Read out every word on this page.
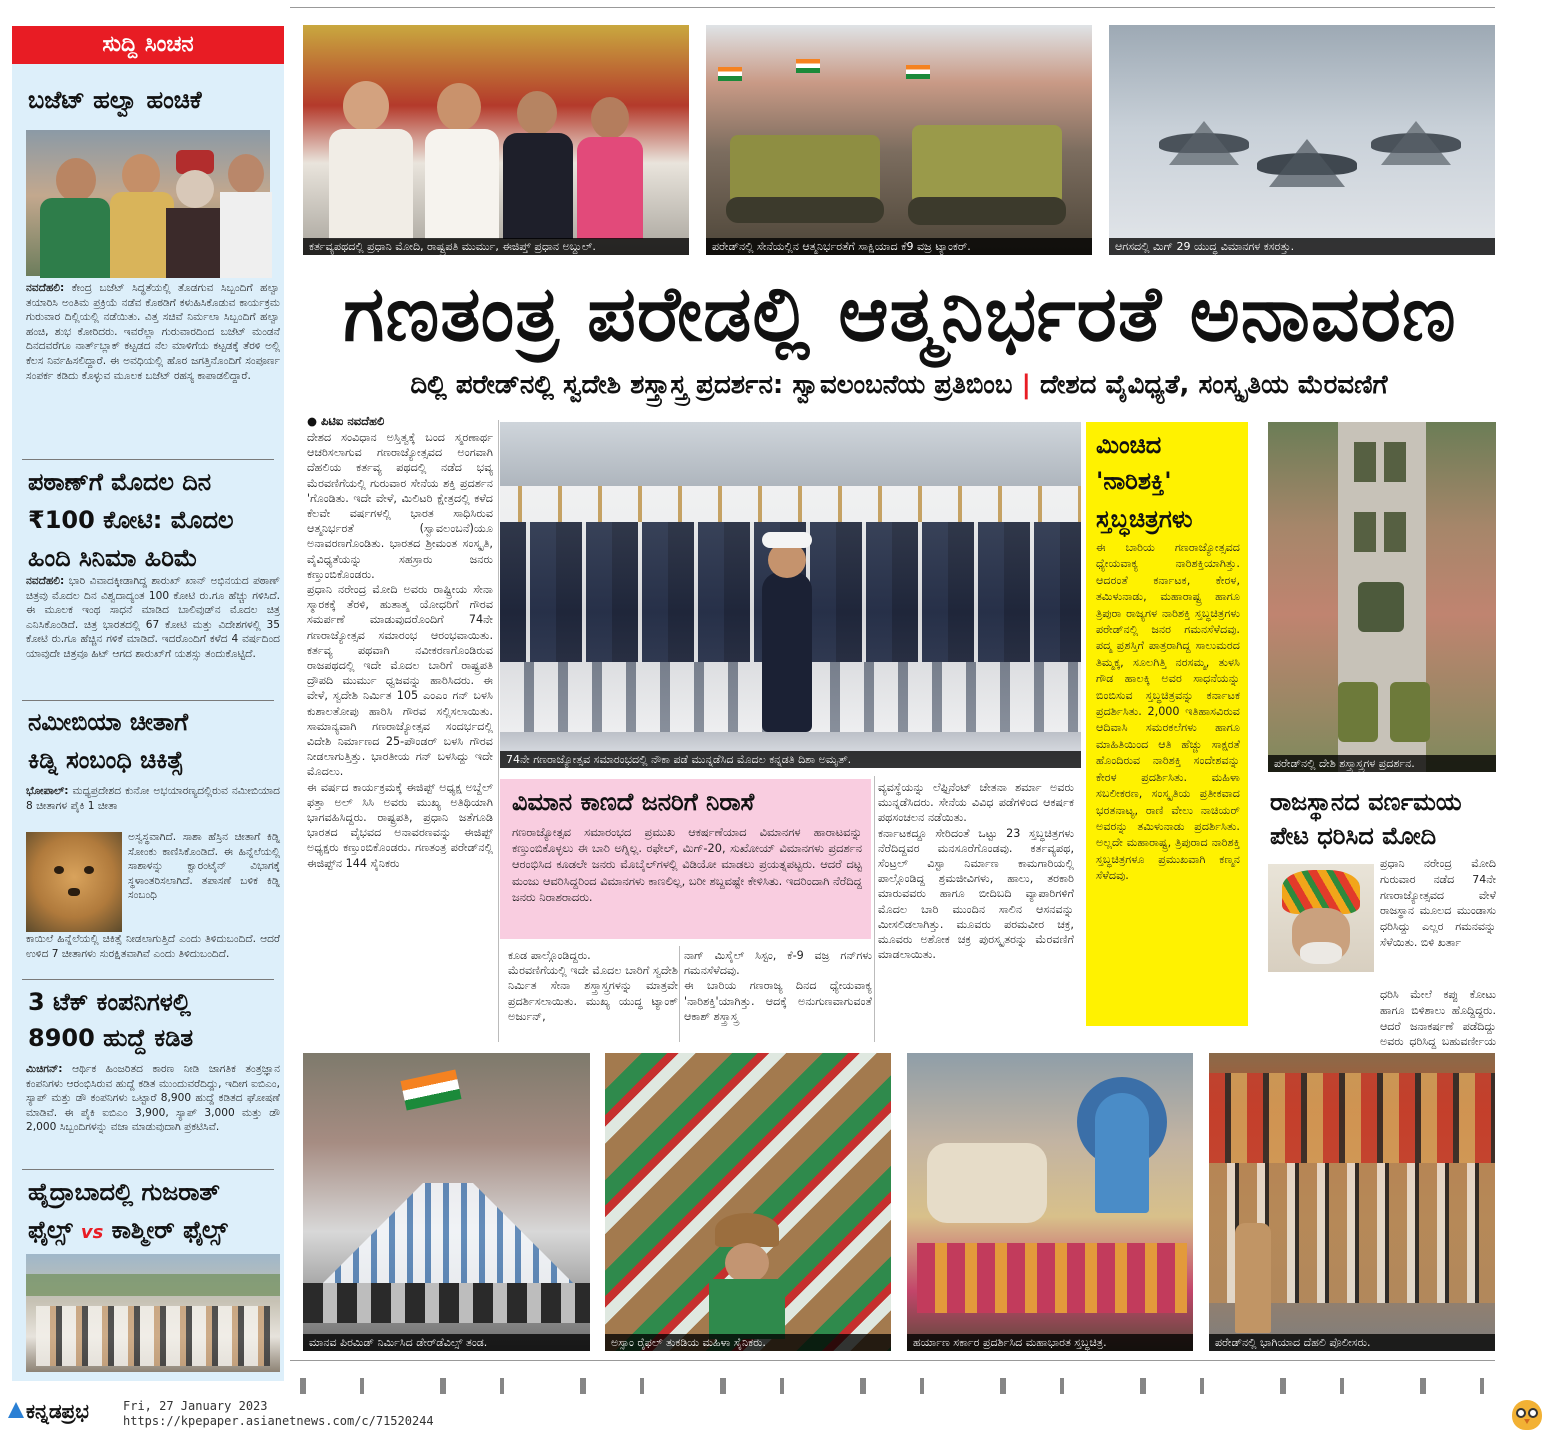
ಸುದ್ದಿ ಸಿಂಚನ
ಬಜೆಟ್ ಹಲ್ವಾ ಹಂಚಿಕೆ
ನವದೆಹಲಿ: ಕೇಂದ್ರ ಬಜೆಟ್ ಸಿದ್ಧತೆಯಲ್ಲಿ ತೊಡಗುವ ಸಿಬ್ಬಂದಿಗೆ ಹಲ್ವಾ ತಯಾರಿಸಿ ಅಂತಿಮ ಪ್ರಕ್ರಿಯೆ ನಡೆವ ಕೊಠಡಿಗೆ ಕಳುಹಿಸಿಕೊಡುವ ಕಾರ್ಯಕ್ರಮ ಗುರುವಾರ ದಿಲ್ಲಿಯಲ್ಲಿ ನಡೆಯಿತು. ವಿತ್ತ ಸಚಿವೆ ನಿರ್ಮಲಾ ಸಿಬ್ಬಂದಿಗೆ ಹಲ್ವಾ ಹಂಚಿ, ಶುಭ ಕೋರಿದರು. ಇವರೆಲ್ಲಾ ಗುರುವಾರದಿಂದ ಬಜೆಟ್ ಮಂಡನೆ ದಿನದವರೆಗೂ ನಾರ್ತ್‌ಬ್ಲಾಕ್ ಕಟ್ಟಡದ ನೆಲ ಮಾಳಿಗೆಯ ಕಟ್ಟಡಕ್ಕೆ ತೆರಳಿ ಅಲ್ಲಿ ಕೆಲಸ ನಿರ್ವಹಿಸಲಿದ್ದಾರೆ. ಈ ಅವಧಿಯಲ್ಲಿ ಹೊರ ಜಗತ್ತಿನೊಂದಿಗೆ ಸಂಪೂರ್ಣ ಸಂಪರ್ಕ ಕಡಿದು ಕೊಳ್ಳುವ ಮೂಲಕ ಬಜೆಟ್ ರಹಸ್ಯ ಕಾಪಾಡಲಿದ್ದಾರೆ.
ಪಠಾಣ್‌ಗೆ ಮೊದಲ ದಿನ
₹100 ಕೋಟಿ: ಮೊದಲ
ಹಿಂದಿ ಸಿನಿಮಾ ಹಿರಿಮೆ
ನವದೆಹಲಿ: ಭಾರಿ ವಿವಾದಕ್ಕೀಡಾಗಿದ್ದ ಶಾರುಖ್ ಖಾನ್ ಅಭಿನಯದ ಪಠಾಣ್ ಚಿತ್ರವು ಮೊದಲ ದಿನ ವಿಶ್ವದಾದ್ಯಂತ 100 ಕೋಟಿ ರು.ಗೂ ಹೆಚ್ಚು ಗಳಿಸಿದೆ. ಈ ಮೂಲಕ ಇಂಥ ಸಾಧನೆ ಮಾಡಿದ ಬಾಲಿವುಡ್‌ನ ಮೊದಲ ಚಿತ್ರ ಎನಿಸಿಕೊಂಡಿದೆ. ಚಿತ್ರ ಭಾರತದಲ್ಲಿ 67 ಕೋಟಿ ಮತ್ತು ವಿದೇಶಗಳಲ್ಲಿ 35 ಕೋಟಿ ರು.ಗೂ ಹೆಚ್ಚಿನ ಗಳಿಕೆ ಮಾಡಿದೆ. ಇದರೊಂದಿಗೆ ಕಳೆದ 4 ವರ್ಷದಿಂದ ಯಾವುದೇ ಚಿತ್ರವೂ ಹಿಟ್ ಆಗದ ಶಾರುಖ್‌ಗೆ ಯಶಸ್ಸು ತಂದುಕೊಟ್ಟಿದೆ.
ನಮೀಬಿಯಾ ಚೀತಾಗೆ
ಕಿಡ್ನಿ ಸಂಬಂಧಿ ಚಿಕಿತ್ಸೆ
ಭೋಪಾಲ್: ಮಧ್ಯಪ್ರದೇಶದ ಕುನೋ ಅಭಯಾರಣ್ಯದಲ್ಲಿರುವ ನಮೀಬಿಯಾದ 8 ಚೀತಾಗಳ ಪೈಕಿ 1 ಚೀತಾ
ಅಸ್ವಸ್ಥವಾಗಿದೆ. ಸಾಶಾ ಹೆಸ್ರಿನ ಚೀತಾಗೆ ಕಿಡ್ನಿ ಸೋಂಕು ಕಾಣಿಸಿಕೊಂಡಿದೆ. ಈ ಹಿನ್ನೆಲೆಯಲ್ಲಿ ಸಾಶಾಳನ್ನು ಕ್ವಾರಂಟೈನ್ ವಿಭಾಗಕ್ಕೆ ಸ್ಥಳಾಂತರಿಸಲಾಗಿದೆ. ತಪಾಸಣೆ ಬಳಿಕ ಕಿಡ್ನಿ ಸಂಬಂಧಿ
ಕಾಯಿಲೆ ಹಿನ್ನೆಲೆಯಲ್ಲಿ ಚಿಕಿತ್ಸೆ ನೀಡಲಾಗುತ್ತಿದೆ ಎಂದು ತಿಳಿದುಬಂದಿದೆ. ಆದರೆ ಉಳಿದ 7 ಚೀತಾಗಳು ಸುರಕ್ಷಿತವಾಗಿವೆ ಎಂದು ತಿಳಿದುಬಂದಿದೆ.
3 ಟೆಕ್ ಕಂಪನಿಗಳಲ್ಲಿ
8900 ಹುದ್ದೆ ಕಡಿತ
ಮಿಚಿಗನ್: ಆರ್ಥಿಕ ಹಿಂಜರಿತದ ಕಾರಣ ನೀಡಿ ಜಾಗತಿಕ ತಂತ್ರಜ್ಞಾನ ಕಂಪನಿಗಳು ಆರಂಭಿಸಿರುವ ಹುದ್ದೆ ಕಡಿತ ಮುಂದುವರೆದಿದ್ದು, ಇದೀಗ ಐಬಿಎಂ, ಸ್ಯಾಪ್ ಮತ್ತು ಡೌ ಕಂಪನಿಗಳು ಒಟ್ಟಾರೆ 8,900 ಹುದ್ದೆ ಕಡಿತದ ಘೋಷಣೆ ಮಾಡಿವೆ. ಈ ಪೈಕಿ ಐಬಿಎಂ 3,900, ಸ್ಯಾಪ್ 3,000 ಮತ್ತು ಡೌ 2,000 ಸಿಬ್ಬಂದಿಗಳನ್ನು ವಜಾ ಮಾಡುವುದಾಗಿ ಪ್ರಕಟಿಸಿವೆ.
ಹೈದ್ರಾಬಾದಲ್ಲಿ ಗುಜರಾತ್
ಫೈಲ್ಸ್ vs ಕಾಶ್ಮೀರ್ ಫೈಲ್ಸ್
ಕರ್ತವ್ಯಪಥದಲ್ಲಿ ಪ್ರಧಾನಿ ಮೋದಿ, ರಾಷ್ಟ್ರಪತಿ ಮುರ್ಮು, ಈಜಿಪ್ತ್ ಪ್ರಧಾನ ಅಬ್ದುಲ್.	ಪರೇಡ್‌ನಲ್ಲಿ ಸೇನೆಯಲ್ಲಿನ ಆತ್ಮನಿರ್ಭರತೆಗೆ ಸಾಕ್ಷಿಯಾದ ಕೆ9 ವಜ್ರ ಟ್ಯಾಂಕರ್.	ಆಗಸದಲ್ಲಿ ಮಿಗ್ 29 ಯುದ್ಧ ವಿಮಾನಗಳ ಕಸರತ್ತು.
ಗಣತಂತ್ರ ಪರೇಡಲ್ಲಿ ಆತ್ಮನಿರ್ಭರತೆ ಅನಾವರಣ
ದಿಲ್ಲಿ ಪರೇಡ್‌ನಲ್ಲಿ ಸ್ವದೇಶಿ ಶಸ್ತ್ರಾಸ್ತ್ರ ಪ್ರದರ್ಶನ: ಸ್ವಾವಲಂಬನೆಯ ಪ್ರತಿಬಿಂಬ | ದೇಶದ ವೈವಿಧ್ಯತೆ, ಸಂಸ್ಕೃತಿಯ ಮೆರವಣಿಗೆ
● ಪಿಟಿಐ ನವದೆಹಲಿ
ದೇಶದ ಸಂವಿಧಾನ ಅಸ್ತಿತ್ವಕ್ಕೆ ಬಂದ ಸ್ಮರಣಾರ್ಥ ಆಚರಿಸಲಾಗುವ ಗಣರಾಜ್ಯೋತ್ಸವದ ಅಂಗವಾಗಿ ದೆಹಲಿಯ ಕರ್ತವ್ಯ ಪಥದಲ್ಲಿ ನಡೆದ ಭವ್ಯ ಮೆರವಣಿಗೆಯಲ್ಲಿ ಗುರುವಾರ ಸೇನೆಯ ಶಕ್ತಿ ಪ್ರದರ್ಶನ 'ಗೊಂಡಿತು. ಇದೇ ವೇಳೆ, ಮಿಲಿಟರಿ ಕ್ಷೇತ್ರದಲ್ಲಿ ಕಳೆದ ಕೆಲವೇ ವರ್ಷಗಳಲ್ಲಿ ಭಾರತ ಸಾಧಿಸಿರುವ ಆತ್ಮನಿರ್ಭರತೆ (ಸ್ವಾವಲಂಬನೆ)ಯೂ ಅನಾವರಣಗೊಂಡಿತು. ಭಾರತದ ಶ್ರೀಮಂತ ಸಂಸ್ಕೃತಿ, ವೈವಿಧ್ಯತೆಯನ್ನು ಸಹಸ್ರಾರು ಜನರು ಕಣ್ತುಂಬಿಕೊಂಡರು.
ಪ್ರಧಾನಿ ನರೇಂದ್ರ ಮೋದಿ ಅವರು ರಾಷ್ಟ್ರೀಯ ಸೇನಾ ಸ್ಮಾರಕಕ್ಕೆ ತೆರಳಿ, ಹುತಾತ್ಮ ಯೋಧರಿಗೆ ಗೌರವ ಸಮರ್ಪಣೆ ಮಾಡುವುದರೊಂದಿಗೆ 74ನೇ ಗಣರಾಜ್ಯೋತ್ಸವ ಸಮಾರಂಭ ಆರಂಭವಾಯಿತು. ಕರ್ತವ್ಯ ಪಥವಾಗಿ ನವೀಕರಣಗೊಂಡಿರುವ ರಾಜಪಥದಲ್ಲಿ ಇದೇ ಮೊದಲ ಬಾರಿಗೆ ರಾಷ್ಟ್ರಪತಿ ದ್ರೌಪದಿ ಮುರ್ಮು ಧ್ವಜವನ್ನು ಹಾರಿಸಿದರು. ಈ ವೇಳೆ, ಸ್ವದೇಶಿ ನಿರ್ಮಿತ 105 ಎಂಎಂ ಗನ್ ಬಳಸಿ ಕುಶಾಲತೋಪು ಹಾರಿಸಿ ಗೌರವ ಸಲ್ಲಿಸಲಾಯಿತು. ಸಾಮಾನ್ಯವಾಗಿ ಗಣರಾಜ್ಯೋತ್ಸವ ಸಂದರ್ಭದಲ್ಲಿ ವಿದೇಶಿ ನಿರ್ಮಾಣದ 25-ಪೌಂಡರ್ ಬಳಸಿ ಗೌರವ ನೀಡಲಾಗುತ್ತಿತ್ತು. ಭಾರತೀಯ ಗನ್ ಬಳಸಿದ್ದು ಇದೇ ಮೊದಲು.
ಈ ವರ್ಷದ ಕಾರ್ಯಕ್ರಮಕ್ಕೆ ಈಜಿಪ್ಟ್ ಅಧ್ಯಕ್ಷ ಅಬ್ದೆಲ್ ಫತ್ತಾ ಅಲ್ ಸಿಸಿ ಅವರು ಮುಖ್ಯ ಅತಿಥಿಯಾಗಿ ಭಾಗವಹಿಸಿದ್ದರು. ರಾಷ್ಟ್ರಪತಿ, ಪ್ರಧಾನಿ ಜತೆಗೂಡಿ ಭಾರತದ ವೈಭವದ ಅನಾವರಣವನ್ನು ಈಜಿಪ್ಟ್ ಅಧ್ಯಕ್ಷರು ಕಣ್ತುಂಬಿಕೊಂಡರು. ಗಣತಂತ್ರ ಪರೇಡ್‌ನಲ್ಲಿ ಈಜಿಪ್ಟ್‌ನ 144 ಸೈನಿಕರು
74ನೇ ಗಣರಾಜ್ಯೋತ್ಸವ ಸಮಾರಂಭದಲ್ಲಿ ನೌಕಾ ಪಡೆ ಮುನ್ನಡೆಸಿದ ಮೊದಲ ಕನ್ನಡತಿ ದಿಶಾ ಅಮೃತ್.
ವಿಮಾನ ಕಾಣದೆ ಜನರಿಗೆ ನಿರಾಸೆ
ಗಣರಾಜ್ಯೋತ್ಸವ ಸಮಾರಂಭದ ಪ್ರಮುಖ ಆಕರ್ಷಣೆಯಾದ ವಿಮಾನಗಳ ಹಾರಾಟವನ್ನು ಕಣ್ತುಂಬಿಕೊಳ್ಳಲು ಈ ಬಾರಿ ಅಗ್ನಿಲ್ಲ. ರಫೇಲ್, ಮಿಗ್-20, ಸುಖೋಯ್ ವಿಮಾನಗಳು ಪ್ರದರ್ಶನ ಆರಂಭಿಸಿದ ಕೂಡಲೇ ಜನರು ಮೊಬೈಲ್‌ಗಳಲ್ಲಿ ವಿಡಿಯೋ ಮಾಡಲು ಪ್ರಯತ್ನಪಟ್ಟರು. ಆದರೆ ದಟ್ಟ ಮಂಜು ಆವರಿಸಿದ್ದರಿಂದ ವಿಮಾನಗಳು ಕಾಣಲಿಲ್ಲ, ಬರೀ ಶಬ್ದವಷ್ಟೇ ಕೇಳಿಸಿತು. ಇದರಿಂದಾಗಿ ನೆರೆದಿದ್ದ ಜನರು ನಿರಾಶರಾದರು.
ವ್ಯವಸ್ಥೆಯನ್ನು ಲೆಫ್ಟಿನೆಂಟ್ ಚೇತನಾ ಶರ್ಮಾ ಅವರು ಮುನ್ನಡೆಸಿದರು. ಸೇನೆಯ ವಿವಿಧ ಪಡೆಗಳಿಂದ ಆಕರ್ಷಕ ಪಥಸಂಚಲನ ನಡೆಯಿತು.
ಕರ್ನಾಟಕದ್ದೂ ಸೇರಿದಂತೆ ಒಟ್ಟು 23 ಸ್ತಬ್ಧಚಿತ್ರಗಳು ನೆರೆದಿದ್ದವರ ಮನಸೂರೆಗೊಂಡವು. ಕರ್ತವ್ಯಪಥ, ಸೆಂಟ್ರಲ್ ವಿಸ್ಟಾ ನಿರ್ಮಾಣ ಕಾಮಗಾರಿಯಲ್ಲಿ ಪಾಲ್ಗೊಂಡಿದ್ದ ಶ್ರಮಜೀವಿಗಳು, ಹಾಲು, ತರಕಾರಿ ಮಾರುವವರು ಹಾಗೂ ಬೀದಿಬದಿ ವ್ಯಾಪಾರಿಗಳಿಗೆ ಮೊದಲ ಬಾರಿ ಮುಂದಿನ ಸಾಲಿನ ಆಸನವನ್ನು ಮೀಸಲಿಡಲಾಗಿತ್ತು. ಮೂವರು ಪರಮವೀರ ಚಕ್ರ, ಮೂವರು ಅಶೋಕ ಚಕ್ರ ಪುರಸ್ಕೃತರನ್ನು ಮೆರವಣಿಗೆ ಮಾಡಲಾಯಿತು.
ಕೂಡ ಪಾಲ್ಗೊಂಡಿದ್ದರು.
ಮೆರವಣಿಗೆಯಲ್ಲಿ ಇದೇ ಮೊದಲ ಬಾರಿಗೆ ಸ್ವದೇಶಿ ನಿರ್ಮಿತ ಸೇನಾ ಶಸ್ತ್ರಾಸ್ತ್ರಗಳನ್ನು ಮಾತ್ರವೇ ಪ್ರದರ್ಶಿಸಲಾಯಿತು. ಮುಖ್ಯ ಯುದ್ಧ ಟ್ಯಾಂಕ್ ಅರ್ಜುನ್,
ನಾಗ್ ಮಿಸೈಲ್ ಸಿಸ್ಟಂ, ಕೆ-9 ವಜ್ರ ಗನ್‌ಗಳು ಗಮನಸೆಳೆದವು.
ಈ ಬಾರಿಯ ಗಣರಾಜ್ಯ ದಿನದ ಧ್ಯೇಯವಾಕ್ಯ 'ನಾರಿಶಕ್ತಿ'ಯಾಗಿತ್ತು. ಆದಕ್ಕೆ ಅನುಗುಣವಾಗುವಂತೆ ಆಕಾಶ್ ಶಸ್ತ್ರಾಸ್ತ್ರ
ಮಿಂಚಿದ
'ನಾರಿಶಕ್ತಿ'
ಸ್ತಬ್ಧಚಿತ್ರಗಳು
ಈ ಬಾರಿಯ ಗಣರಾಜ್ಯೋತ್ಸವದ ಧ್ಯೇಯವಾಕ್ಯ ನಾರಿಶಕ್ತಿಯಾಗಿತ್ತು. ಆದರಂತೆ ಕರ್ನಾಟಕ, ಕೇರಳ, ತಮಿಳುನಾಡು, ಮಹಾರಾಷ್ಟ್ರ ಹಾಗೂ ತ್ರಿಪುರಾ ರಾಜ್ಯಗಳ ನಾರಿಶಕ್ತಿ ಸ್ತಬ್ಧಚಿತ್ರಗಳು ಪರೇಡ್‌ನಲ್ಲಿ ಜನರ ಗಮನಸೆಳೆದವು. ಪದ್ಮ ಪ್ರಶಸ್ತಿಗೆ ಪಾತ್ರರಾಗಿದ್ದ ಸಾಲುಮರದ ತಿಮ್ಮಕ್ಕ, ಸೂಲಗಿತ್ತಿ ನರಸಮ್ಮ, ತುಳಸಿ ಗೌಡ ಹಾಲಕ್ಕಿ ಅವರ ಸಾಧನೆಯನ್ನು ಬಿಂಬಿಸುವ ಸ್ತಬ್ಧಚಿತ್ರವನ್ನು ಕರ್ನಾಟಕ ಪ್ರದರ್ಶಿಸಿತು. 2,000 ಇತಿಹಾಸವಿರುವ ಆದಿವಾಸಿ ಸಮರಕಲೆಗಳು ಹಾಗೂ ಮಾಹಿತಿಯಿಂದ ಆತಿ ಹೆಚ್ಚು ಸಾಕ್ಷರತೆ ಹೊಂದಿರುವ ನಾರಿಶಕ್ತಿ ಸಂದೇಶವನ್ನು ಕೇರಳ ಪ್ರದರ್ಶಿಸಿತು. ಮಹಿಳಾ ಸಬಲೀಕರಣ, ಸಂಸ್ಕೃತಿಯ ಪ್ರತೀಕವಾದ ಭರತನಾಟ್ಯ, ರಾಣಿ ವೇಲು ನಾಚಿಯರ್ ಅವರನ್ನು ತಮಿಳುನಾಡು ಪ್ರದರ್ಶಿಸಿತು. ಅಲ್ಲದೇ ಮಹಾರಾಷ್ಟ್ರ, ತ್ರಿಪುರಾದ ನಾರಿಶಕ್ತಿ ಸ್ತಬ್ಧಚಿತ್ರಗಳೂ ಪ್ರಮುಖವಾಗಿ ಕಣ್ಮನ ಸೆಳೆದವು.
ಪರೇಡ್‌ನಲ್ಲಿ ದೇಶಿ ಶಸ್ತ್ರಾಸ್ತ್ರಗಳ ಪ್ರದರ್ಶನ.
ರಾಜಸ್ಥಾನದ ವರ್ಣಮಯ
ಪೇಟ ಧರಿಸಿದ ಮೋದಿ
ಪ್ರಧಾನಿ ನರೇಂದ್ರ ಮೋದಿ ಗುರುವಾರ ನಡೆದ 74ನೇ ಗಣರಾಜ್ಯೋತ್ಸವದ ವೇಳೆ ರಾಜಸ್ಥಾನ ಮೂಲದ ಮುಂಡಾಸು ಧರಿಸಿದ್ದು ಎಲ್ಲರ ಗಮನವನ್ನು ಸೆಳೆಯಿತು. ಬಿಳಿ ಖರ್ತಾ
ಧರಿಸಿ ಮೇಲೆ ಕಪ್ಪು ಕೋಟು ಹಾಗೂ ಬಿಳಿಶಾಲು ಹೊದ್ದಿದ್ದರು. ಆದರೆ ಜನಾಕರ್ಷಣೆ ಪಡೆದಿದ್ದು ಅವರು ಧರಿಸಿದ್ದ ಬಹುವರ್ಣೀಯ
ಮಾನವ ಪಿರಮಿಡ್ ನಿರ್ಮಿಸಿದ ಡೇರ್‌ಡೆವಿಲ್ಸ್ ತಂಡ.	ಅಸ್ಸಾಂ ರೈಫಲ್ ತುಕಡಿಯ ಮಹಿಳಾ ಸೈನಿಕರು.	ಹರ್ಯಾಣ ಸರ್ಕಾರ ಪ್ರದರ್ಶಿಸಿದ ಮಹಾಭಾರತ ಸ್ತಬ್ಧಚಿತ್ರ.	ಪರೇಡ್‌ನಲ್ಲಿ ಭಾಗಿಯಾದ ದೆಹಲಿ ಪೊಲೀಸರು.
ಕನ್ನಡಪ್ರಭ	Fri, 27 January 2023
https://kpepaper.asianetnews.com/c/71520244
